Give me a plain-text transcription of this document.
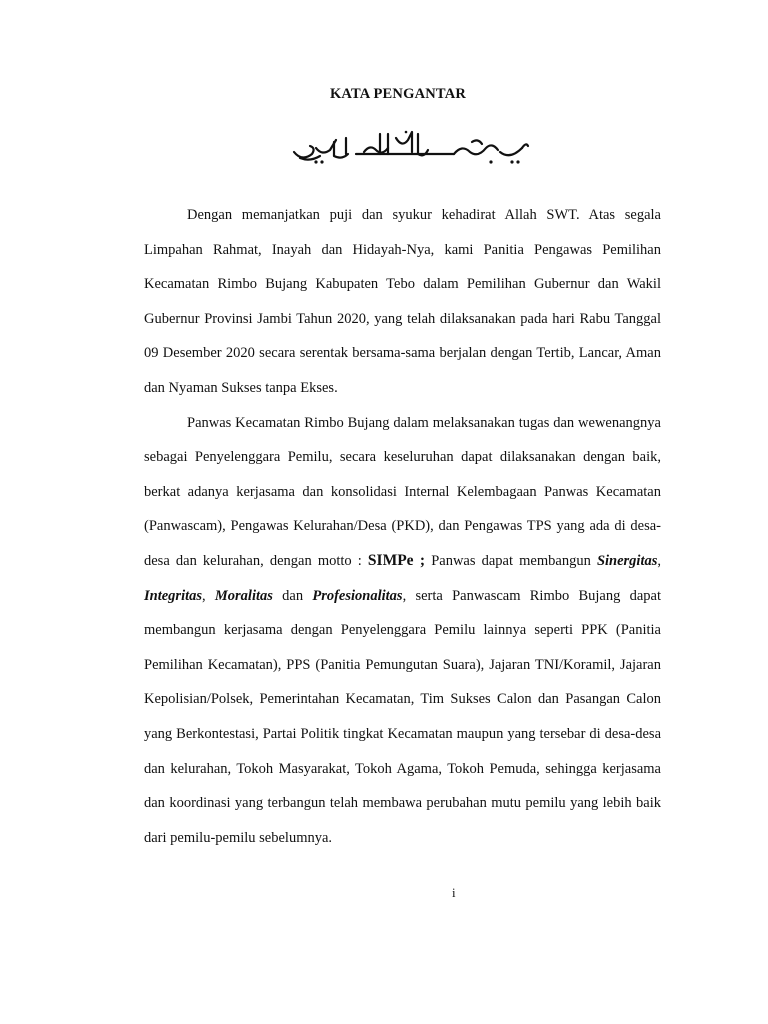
KATA PENGANTAR

Dengan memanjatkan puji dan syukur kehadirat Allah SWT. Atas segala Limpahan Rahmat, Inayah dan Hidayah-Nya, kami Panitia Pengawas Pemilihan Kecamatan Rimbo Bujang Kabupaten Tebo dalam Pemilihan Gubernur dan Wakil Gubernur Provinsi Jambi Tahun 2020, yang telah dilaksanakan pada hari Rabu Tanggal 09 Desember 2020 secara serentak bersama-sama berjalan dengan Tertib, Lancar, Aman dan Nyaman Sukses tanpa Ekses.

Panwas Kecamatan Rimbo Bujang dalam melaksanakan tugas dan wewenangnya sebagai Penyelenggara Pemilu, secara keseluruhan dapat dilaksanakan dengan baik, berkat adanya kerjasama dan konsolidasi Internal Kelembagaan Panwas Kecamatan (Panwascam), Pengawas Kelurahan/Desa (PKD), dan Pengawas TPS yang ada di desa-desa dan kelurahan, dengan motto : SIMPe ; Panwas dapat membangun Sinergitas, Integritas, Moralitas dan Profesionalitas, serta Panwascam Rimbo Bujang dapat membangun kerjasama dengan Penyelenggara Pemilu lainnya seperti PPK (Panitia Pemilihan Kecamatan), PPS (Panitia Pemungutan Suara), Jajaran TNI/Koramil, Jajaran Kepolisian/Polsek, Pemerintahan Kecamatan, Tim Sukses Calon dan Pasangan Calon yang Berkontestasi, Partai Politik tingkat Kecamatan maupun yang tersebar di desa-desa dan kelurahan, Tokoh Masyarakat, Tokoh Agama, Tokoh Pemuda, sehingga kerjasama dan koordinasi yang terbangun telah membawa perubahan mutu pemilu yang lebih baik dari pemilu-pemilu sebelumnya.

i
